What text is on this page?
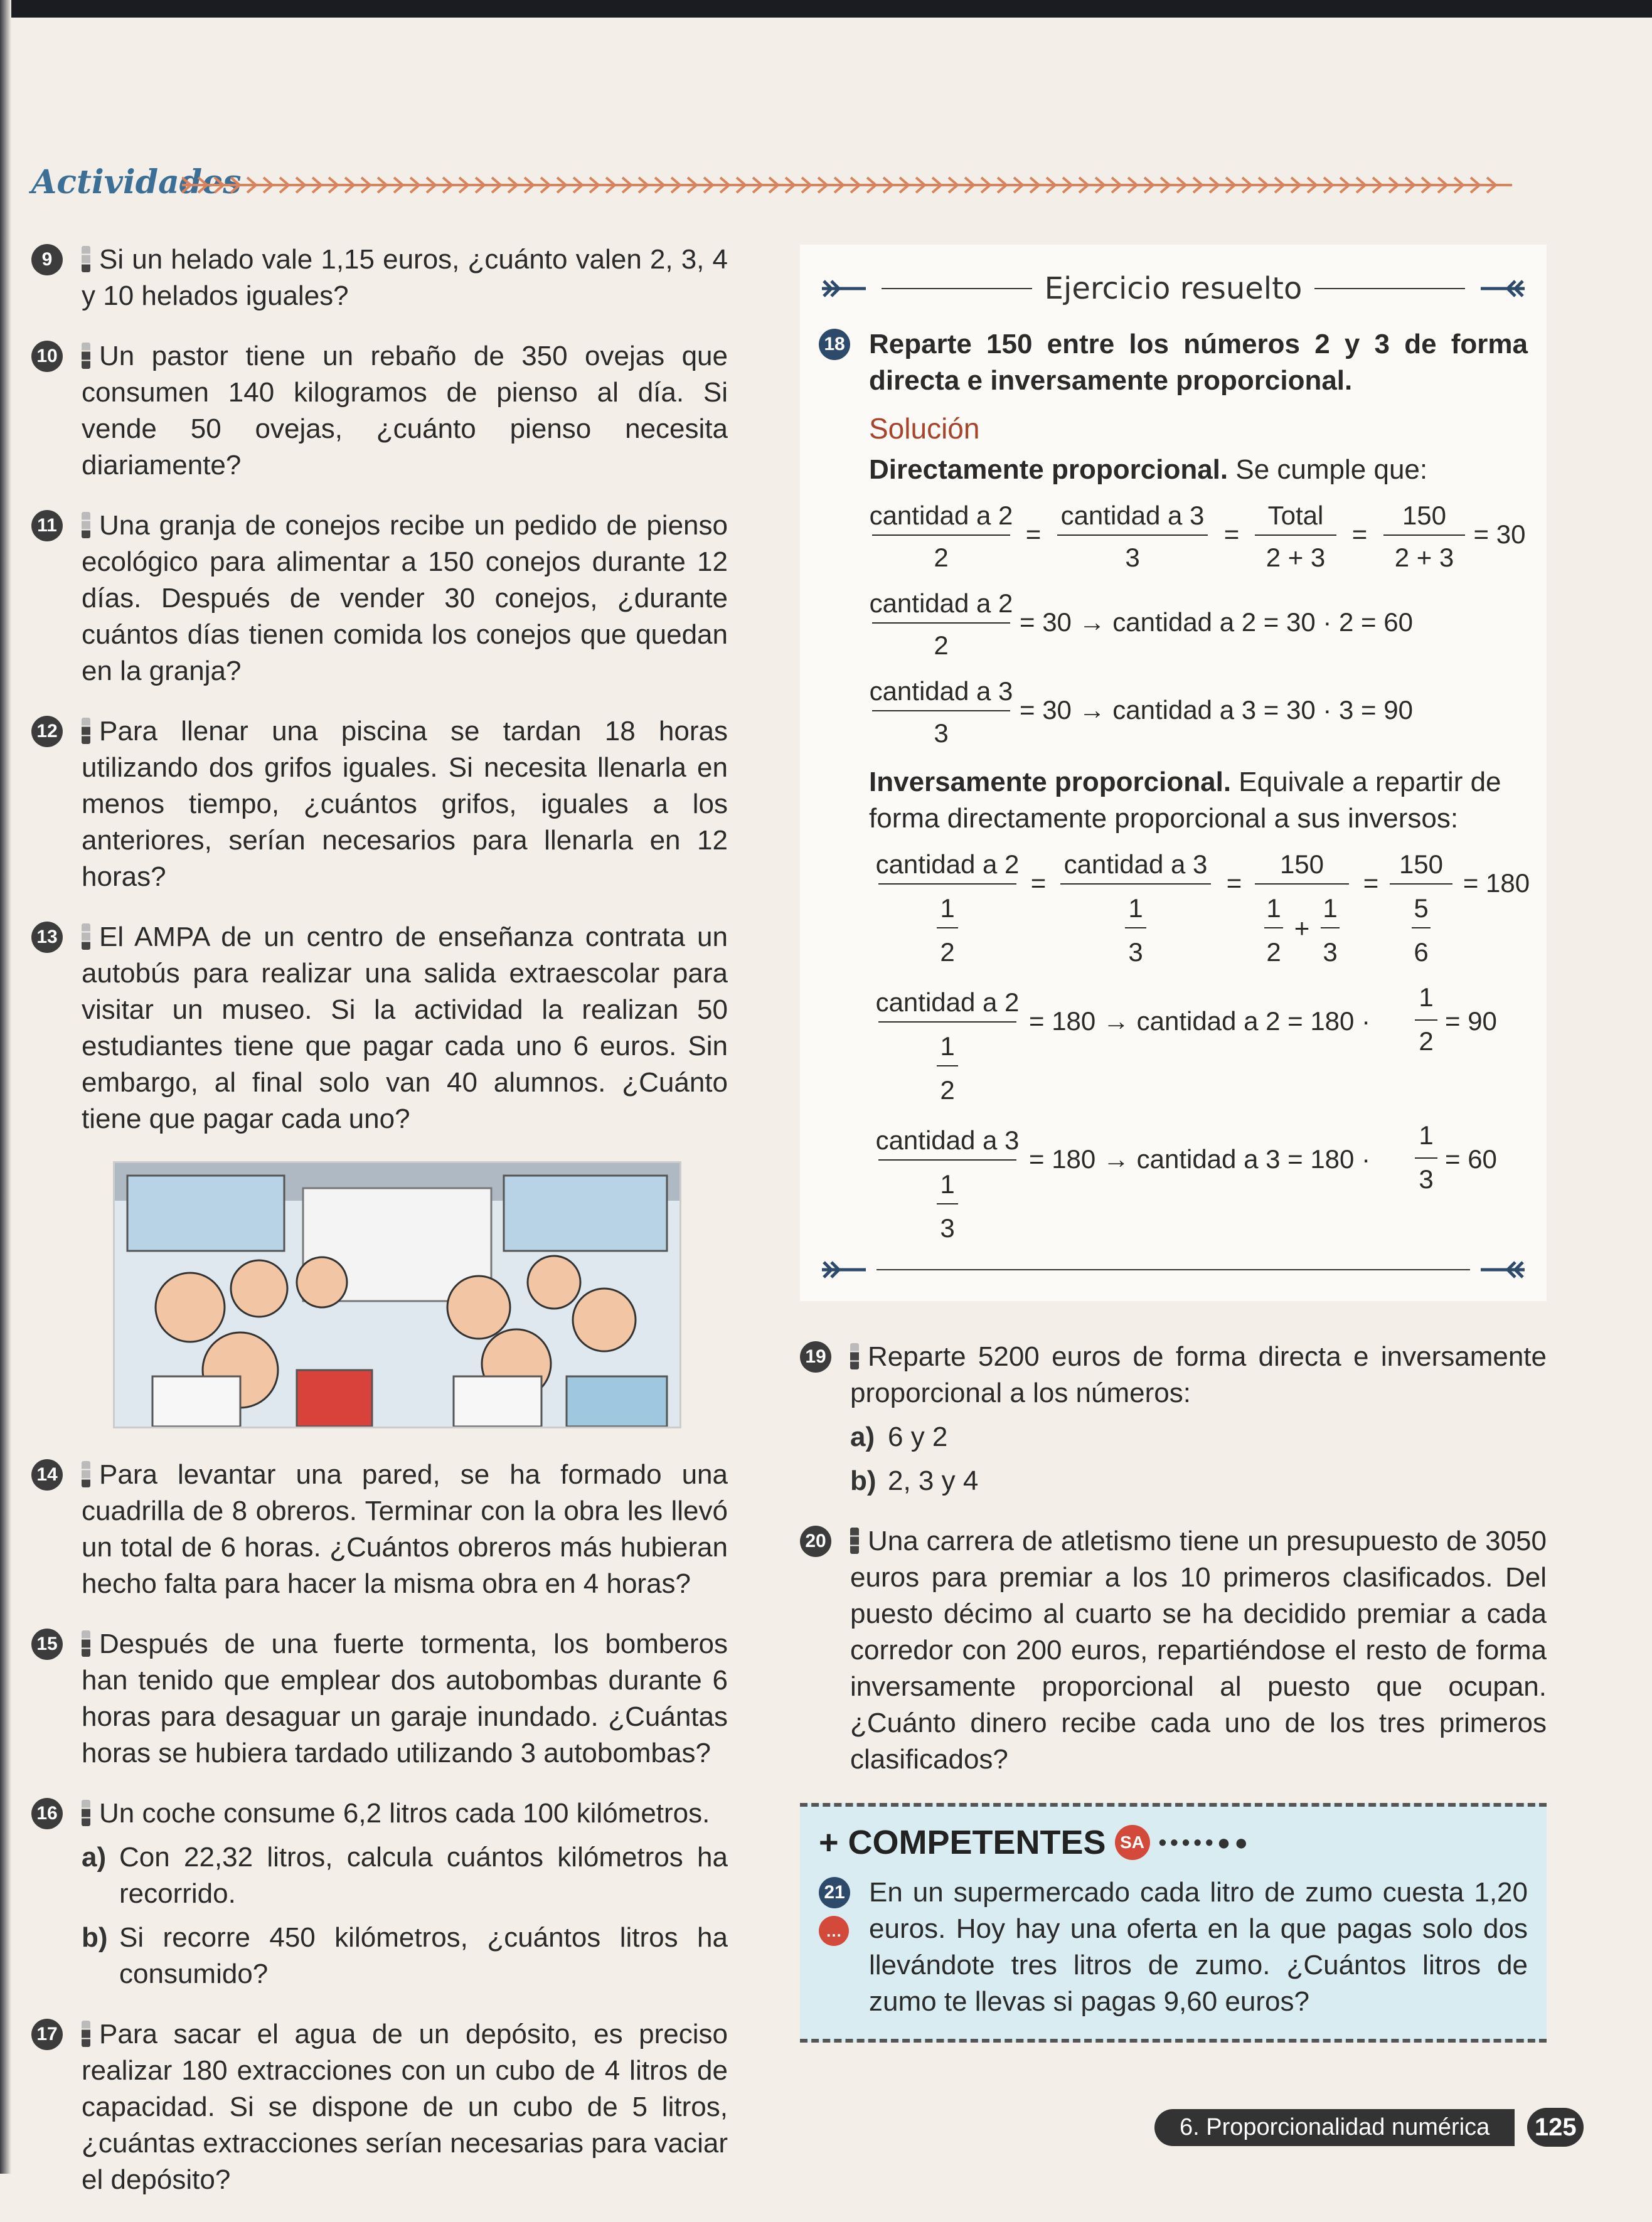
Actividades
9	Si un helado vale 1,15 euros, ¿cuánto valen 2, 3, 4 y 10 helados iguales?
10 Un pastor tiene un rebaño de 350 ovejas que consumen 140 kilogramos de pienso al día. Si vende 50 ovejas, ¿cuánto pienso necesita diariamente?
11 Una granja de conejos recibe un pedido de pienso ecológico para alimentar a 150 conejos durante 12 días. Después de vender 30 conejos, ¿durante cuántos días tienen comida los conejos que quedan en la granja?
12 Para llenar una piscina se tardan 18 horas utilizando dos grifos iguales. Si necesita llenarla en menos tiempo, ¿cuántos grifos, iguales a los anteriores, serían necesarios para llenarla en 12 horas?
13 El AMPA de un centro de enseñanza contrata un autobús para realizar una salida extraescolar para visitar un museo. Si la actividad la realizan 50 estudiantes tiene que pagar cada uno 6 euros. Sin embargo, al final solo van 40 alumnos. ¿Cuánto tiene que pagar cada uno?
14 Para levantar una pared, se ha formado una cuadrilla de 8 obreros. Terminar con la obra les llevó un total de 6 horas. ¿Cuántos obreros más hubieran hecho falta para hacer la misma obra en 4 horas?
15 Después de una fuerte tormenta, los bomberos han tenido que emplear dos autobombas durante 6 horas para desaguar un garaje inundado. ¿Cuántas horas se hubiera tardado utilizando 3 autobombas?
16 Un coche consume 6,2 litros cada 100 kilómetros.
a) Con 22,32 litros, calcula cuántos kilómetros ha recorrido.
b) Si recorre 450 kilómetros, ¿cuántos litros ha consumido?
17 Para sacar el agua de un depósito, es preciso realizar 180 extracciones con un cubo de 4 litros de capacidad. Si se dispone de un cubo de 5 litros, ¿cuántas extracciones serían necesarias para vaciar el depósito?
Ejercicio resuelto
18 Reparte 150 entre los números 2 y 3 de forma directa e inversamente proporcional.
Solución
Directamente proporcional. Se cumple que:
cantidad a 2
2
=
cantidad a 3
3
=
Total
2 + 3
=
150
2 + 3
= 30
cantidad a 2
2
= 30 → cantidad a 2 = 30 · 2 = 60
cantidad a 3
3
= 30 → cantidad a 3 = 30 · 3 = 90
Inversamente proporcional. Equivale a repartir de forma directamente proporcional a sus inversos:
cantidad a 2
1
2
=
cantidad a 3
1
3
=
150
1
2
+
1
3
=
150
5
6
= 180
cantidad a 2
1
2
= 180 → cantidad a 2 = 180 ·
1
2
= 90
cantidad a 3
1
3
= 180 → cantidad a 3 = 180 ·
1
3
= 60
19 Reparte 5200 euros de forma directa e inversamente proporcional a los números:
a) 6 y 2
b) 2, 3 y 4
20 Una carrera de atletismo tiene un presupuesto de 3050 euros para premiar a los 10 primeros clasificados. Del puesto décimo al cuarto se ha decidido premiar a cada corredor con 200 euros, repartiéndose el resto de forma inversamente proporcional al puesto que ocupan. ¿Cuánto dinero recibe cada uno de los tres primeros clasificados?
+ COMPETENTES SA •••••●●
21
…
En un supermercado cada litro de zumo cuesta 1,20 euros. Hoy hay una oferta en la que pagas solo dos llevándote tres litros de zumo. ¿Cuántos litros de zumo te llevas si pagas 9,60 euros?
6. Proporcionalidad numérica	125
